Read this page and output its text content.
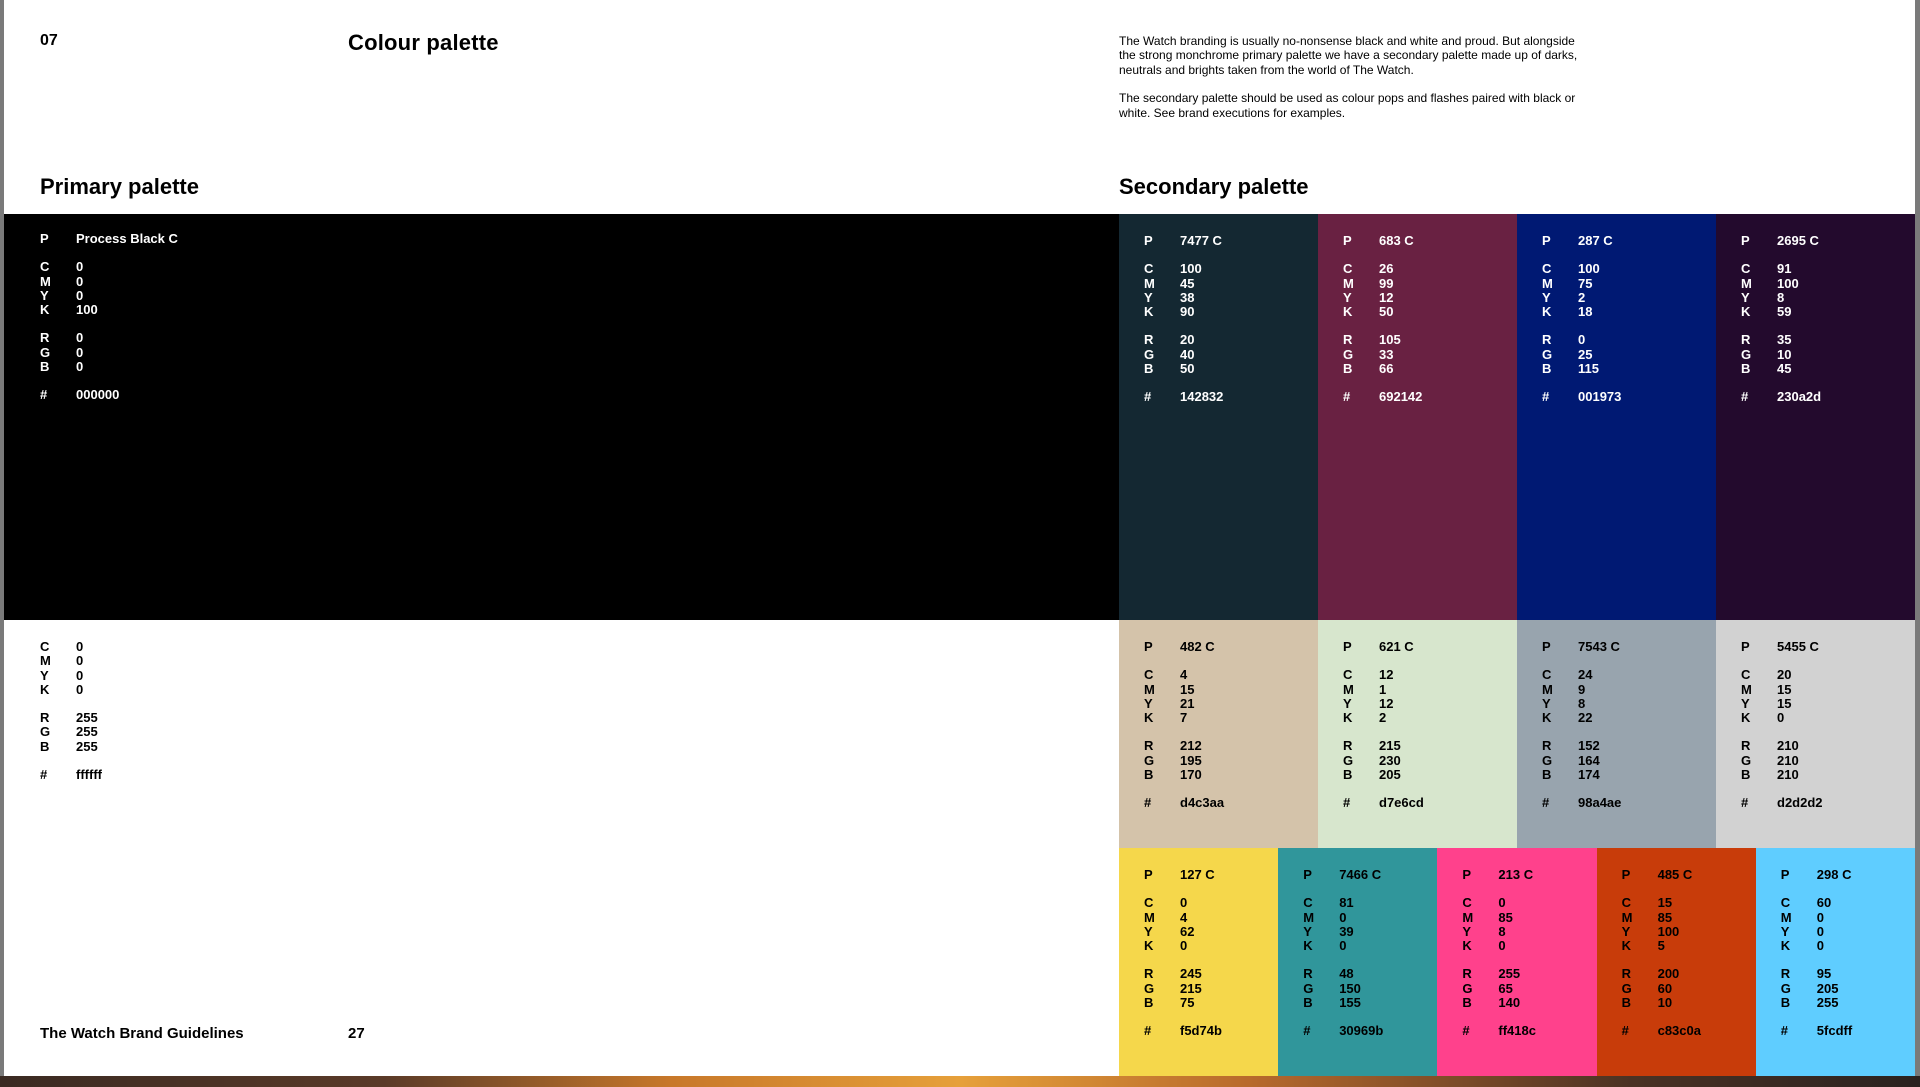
07	Colour palette	The Watch branding is usually no-nonsense black and white and proud. But alongside the strong monchrome primary palette we have a secondary palette made up of darks, neutrals and brights taken from the world of The Watch.

The secondary palette should be used as colour pops and flashes paired with black or white. See brand executions for examples.

Primary palette	Secondary palette
P	Process Black C
C	0
M	0
Y	0
K	100
R	0
G	0
B	0
#	000000
C	0
M	0
Y	0
K	0
R	255
G	255
B	255
#	ffffff
P	7477 C
C	100
M	45
Y	38
K	90
R	20
G	40
B	50
#	142832
P	683 C
C	26
M	99
Y	12
K	50
R	105
G	33
B	66
#	692142
P	287 C
C	100
M	75
Y	2
K	18
R	0
G	25
B	115
#	001973
P	2695 C
C	91
M	100
Y	8
K	59
R	35
G	10
B	45
#	230a2d
P	482 C
C	4
M	15
Y	21
K	7
R	212
G	195
B	170
#	d4c3aa
P	621 C
C	12
M	1
Y	12
K	2
R	215
G	230
B	205
#	d7e6cd
P	7543 C
C	24
M	9
Y	8
K	22
R	152
G	164
B	174
#	98a4ae
P	5455 C
C	20
M	15
Y	15
K	0
R	210
G	210
B	210
#	d2d2d2
P	127 C
C	0
M	4
Y	62
K	0
R	245
G	215
B	75
#	f5d74b
P	7466 C
C	81
M	0
Y	39
K	0
R	48
G	150
B	155
#	30969b
P	213 C
C	0
M	85
Y	8
K	0
R	255
G	65
B	140
#	ff418c
P	485 C
C	15
M	85
Y	100
K	5
R	200
G	60
B	10
#	c83c0a
P	298 C
C	60
M	0
Y	0
K	0
R	95
G	205
B	255
#	5fcdff
The Watch Brand Guidelines	27
